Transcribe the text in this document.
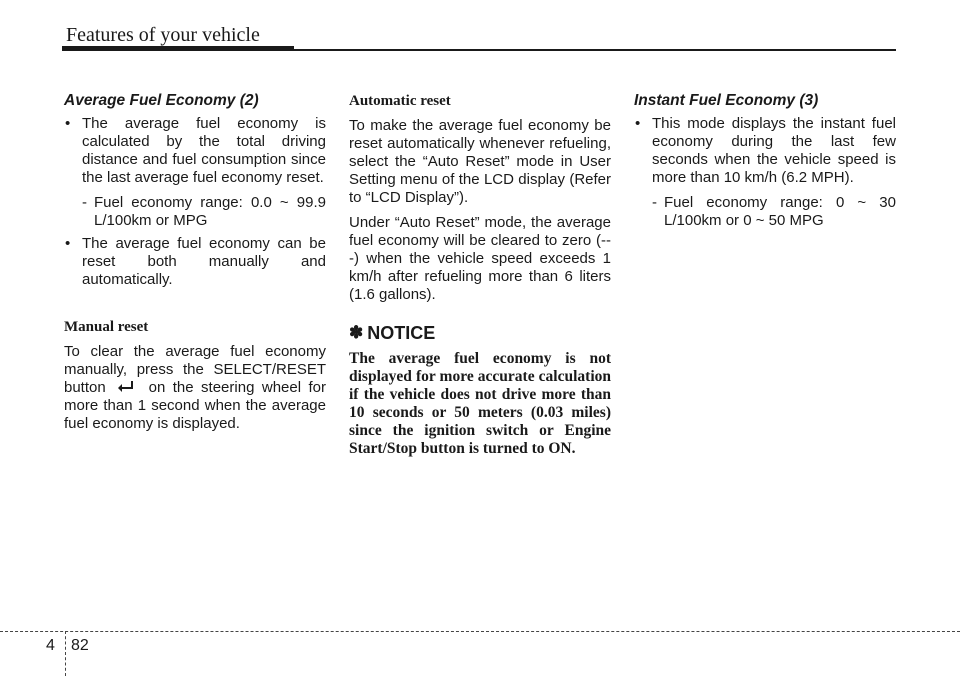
Features of your vehicle
Average Fuel Economy (2)
• The average fuel economy is calculated by the total driving distance and fuel consumption since the last average fuel economy reset.
- Fuel economy range: 0.0 ~ 99.9 L/100km or MPG
• The average fuel economy can be reset both manually and automatically.
Manual reset

To clear the average fuel economy manually, press the SELECT/RESET button	on the steering wheel for more than 1 second when the average fuel economy is displayed.

Automatic reset

To make the average fuel economy be reset automatically whenever refueling, select the “Auto Reset” mode in User Setting menu of the LCD display (Refer to “LCD Display”).

Under “Auto Reset” mode, the average fuel economy will be cleared to zero (---) when the vehicle speed exceeds 1 km/h after refueling more than 6 liters (1.6 gallons).

✽ NOTICE

The average fuel economy is not displayed for more accurate calculation if the vehicle does not drive more than 10 seconds or 50 meters (0.03 miles) since the ignition switch or Engine Start/Stop button is turned to ON.

Instant Fuel Economy (3)
• This mode displays the instant fuel economy during the last few seconds when the vehicle speed is more than 10 km/h (6.2 MPH).
- Fuel economy range: 0 ~ 30 L/100km or 0 ~ 50 MPG
4 82
